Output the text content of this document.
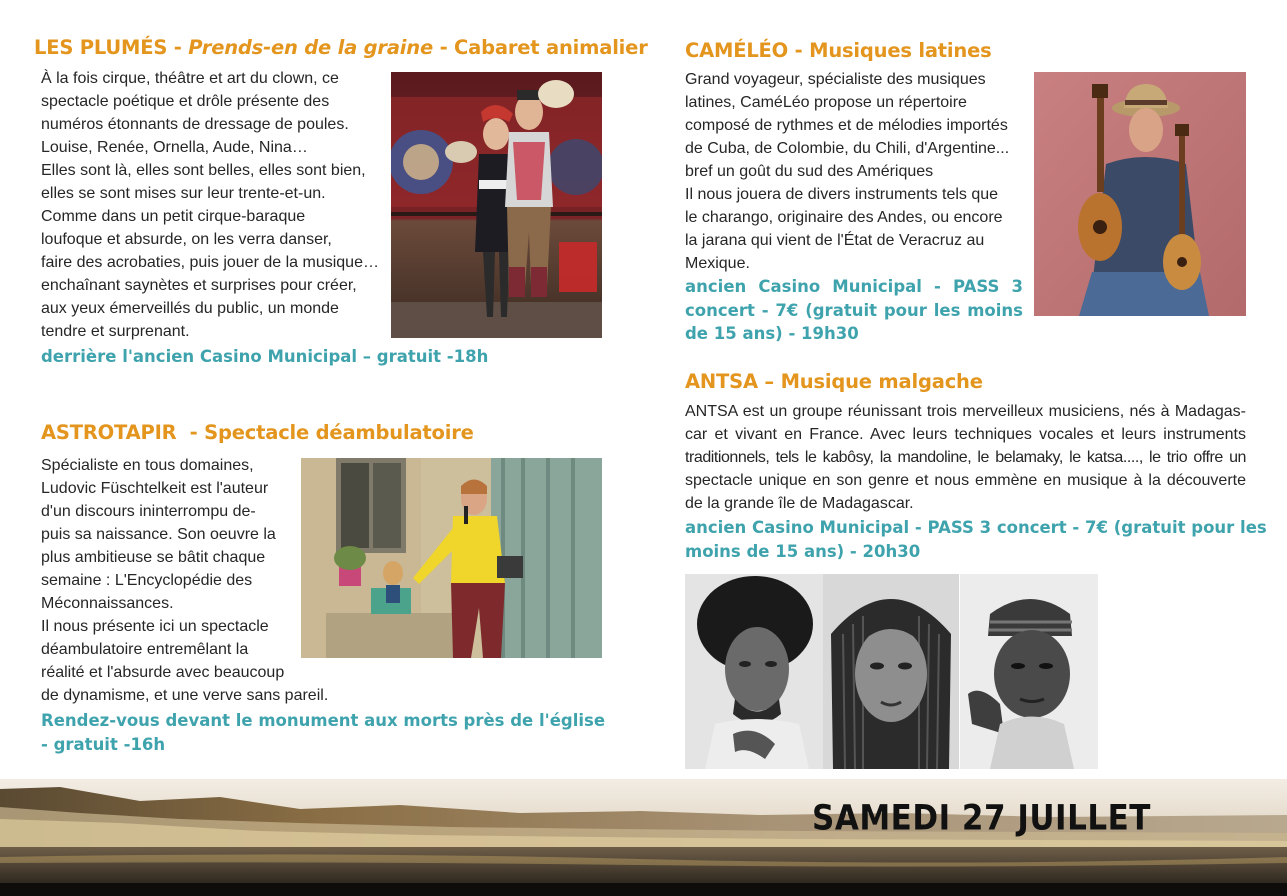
LES PLUMÉS - Prends-en de la graine - Cabaret animalier

À la fois cirque, théâtre et art du clown, ce

spectacle poétique et drôle présente des

numéros étonnants de dressage de poules.

Louise, Renée, Ornella, Aude, Nina…

Elles sont là, elles sont belles, elles sont bien,

elles se sont mises sur leur trente-et-un.

Comme dans un petit cirque-baraque

loufoque et absurde, on les verra danser,

faire des acrobaties, puis jouer de la musique…

enchaînant saynètes et surprises pour créer,

aux yeux émerveillés du public, un monde

tendre et surprenant.

derrière l'ancien Casino Municipal – gratuit -18h
ASTROTAPIR  - Spectacle déambulatoire

Spécialiste en tous domaines,

Ludovic Füschtelkeit est l'auteur

d'un discours ininterrompu de-

puis sa naissance. Son oeuvre la

plus ambitieuse se bâtit chaque

semaine : L'Encyclopédie des

Méconnaissances.

Il nous présente ici un spectacle

déambulatoire entremêlant la

réalité et l'absurde avec beaucoup

de dynamisme, et une verve sans pareil.

Rendez-vous devant le monument aux morts près de l'église
- gratuit -16h
CAMÉLÉO - Musiques latines

Grand voyageur, spécialiste des musiques

latines, CaméLéo propose un répertoire

composé de rythmes et de mélodies importés

de Cuba, de Colombie, du Chili, d'Argentine...

bref un goût du sud des Amériques

Il nous jouera de divers instruments tels que

le charango, originaire des Andes, ou encore

la jarana qui vient de l'État de Veracruz au

Mexique.

ancien Casino Municipal - PASS 3
concert - 7€ (gratuit pour les moins
de 15 ans) - 19h30
ANTSA – Musique malgache

ANTSA est un groupe réunissant trois merveilleux musiciens, nés à Madagas-

car et vivant en France. Avec leurs techniques vocales et leurs instruments

traditionnels, tels le kabôsy, la mandoline, le belamaky, le katsa...., le trio offre un

spectacle unique en son genre et nous emmène en musique à la découverte

de la grande île de Madagascar.

ancien Casino Municipal - PASS 3 concert - 7€ (gratuit pour les
moins de 15 ans) - 20h30
SAMEDI 27 JUILLET
